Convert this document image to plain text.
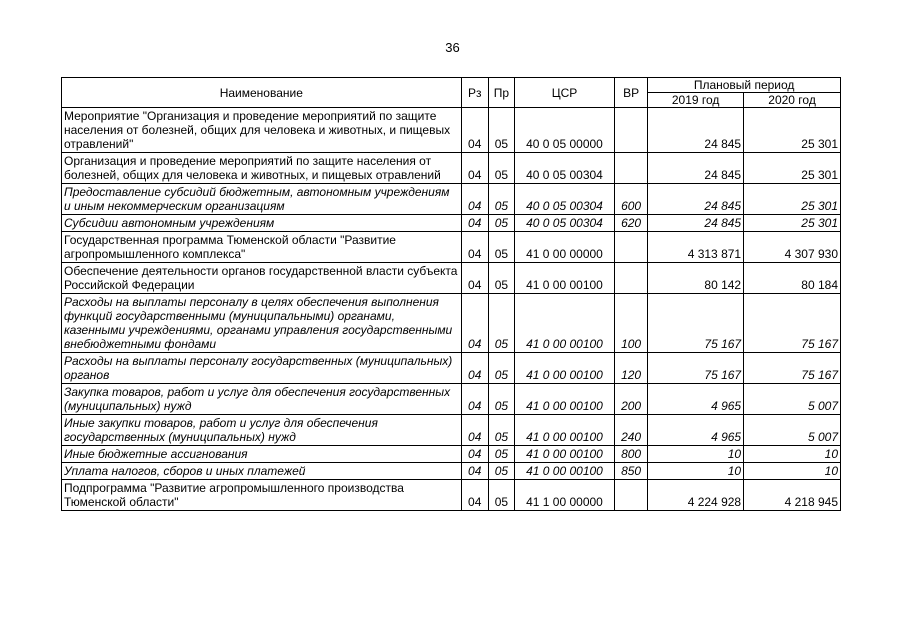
36
Наименование	Рз	Пр	ЦСР	ВР	Плановый период	
					2019 год	2020 год
Мероприятие "Организация и проведение мероприятий по защите населения от болезней, общих для человека и животных, и пищевых отравлений"	04	05	40 0 05 00000		24 845	25 301
Организация и проведение мероприятий по защите населения от болезней, общих для человека и животных, и пищевых отравлений	04	05	40 0 05 00304		24 845	25 301
Предоставление субсидий бюджетным, автономным учреждениям и иным некоммерческим организациям	04	05	40 0 05 00304	600	24 845	25 301
Субсидии автономным учреждениям	04	05	40 0 05 00304	620	24 845	25 301
Государственная программа Тюменской области "Развитие агропромышленного комплекса"	04	05	41 0 00 00000		4 313 871	4 307 930
Обеспечение деятельности органов государственной власти субъекта Российской Федерации	04	05	41 0 00 00100		80 142	80 184
Расходы на выплаты персоналу в целях обеспечения выполнения функций государственными (муниципальными) органами, казенными учреждениями, органами управления государственными внебюджетными фондами	04	05	41 0 00 00100	100	75 167	75 167
Расходы на выплаты персоналу государственных (муниципальных) органов	04	05	41 0 00 00100	120	75 167	75 167
Закупка товаров, работ и услуг для обеспечения государственных (муниципальных) нужд	04	05	41 0 00 00100	200	4 965	5 007
Иные закупки товаров, работ и услуг для обеспечения государственных (муниципальных) нужд	04	05	41 0 00 00100	240	4 965	5 007
Иные бюджетные ассигнования	04	05	41 0 00 00100	800	10	10
Уплата налогов, сборов и иных платежей	04	05	41 0 00 00100	850	10	10
Подпрограмма "Развитие агропромышленного производства Тюменской области"	04	05	41 1 00 00000		4 224 928	4 218 945
